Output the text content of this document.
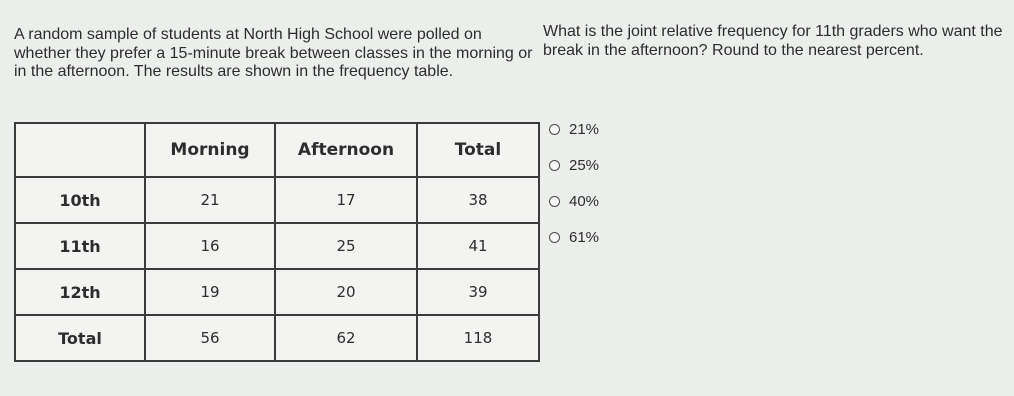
A random sample of students at North High School were polled on whether they prefer a 15-minute break between classes in the morning or in the afternoon. The results are shown in the frequency table.

What is the joint relative frequency for 11th graders who want the break in the afternoon? Round to the nearest percent.

	Morning	Afternoon	Total
10th	21	17	38
11th	16	25	41
12th	19	20	39
Total	56	62	118
21%
25%
40%
61%
